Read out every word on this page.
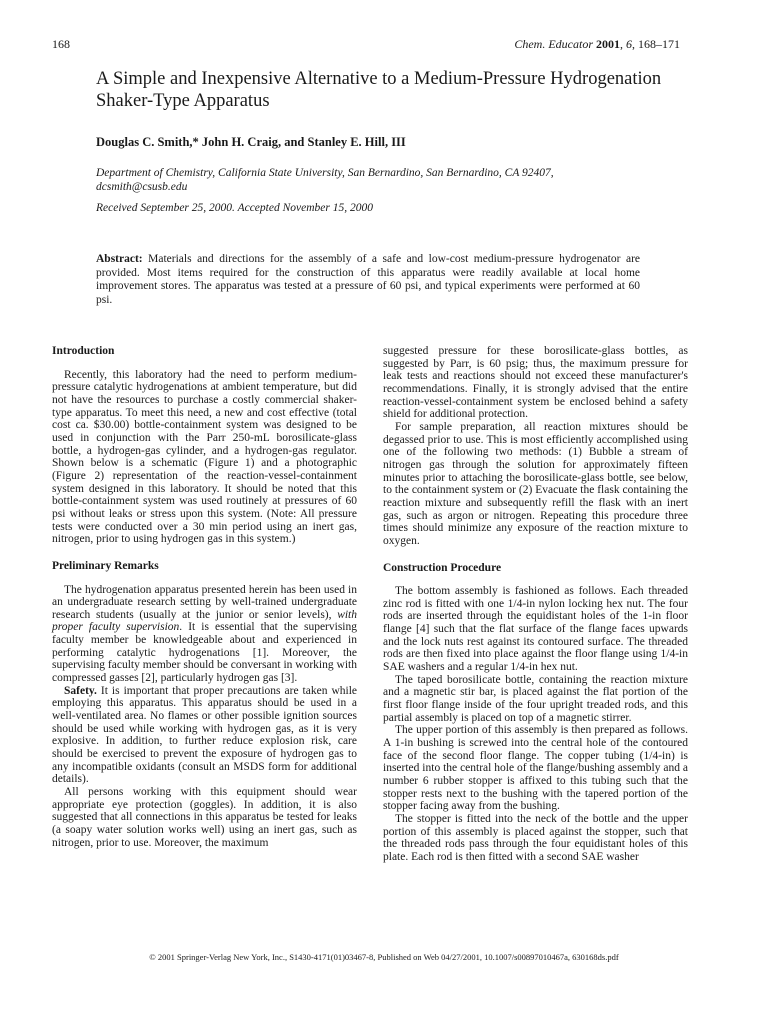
168	Chem. Educator 2001, 6, 168–171
A Simple and Inexpensive Alternative to a Medium-Pressure Hydrogenation Shaker-Type Apparatus
Douglas C. Smith,* John H. Craig, and Stanley E. Hill, III
Department of Chemistry, California State University, San Bernardino, San Bernardino, CA 92407,
dcsmith@csusb.edu
Received September 25, 2000. Accepted November 15, 2000
Abstract: Materials and directions for the assembly of a safe and low-cost medium-pressure hydrogenator are provided. Most items required for the construction of this apparatus were readily available at local home improvement stores. The apparatus was tested at a pressure of 60 psi, and typical experiments were performed at 60 psi.
Introduction

Recently, this laboratory had the need to perform medium-pressure catalytic hydrogenations at ambient temperature, but did not have the resources to purchase a costly commercial shaker-type apparatus. To meet this need, a new and cost effective (total cost ca. $30.00) bottle-containment system was designed to be used in conjunction with the Parr 250-mL borosilicate-glass bottle, a hydrogen-gas cylinder, and a hydrogen-gas regulator. Shown below is a schematic (Figure 1) and a photographic (Figure 2) representation of the reaction-vessel-containment system designed in this laboratory. It should be noted that this bottle-containment system was used routinely at pressures of 60 psi without leaks or stress upon this system. (Note: All pressure tests were conducted over a 30 min period using an inert gas, nitrogen, prior to using hydrogen gas in this system.)

Preliminary Remarks

The hydrogenation apparatus presented herein has been used in an undergraduate research setting by well-trained undergraduate research students (usually at the junior or senior levels), with proper faculty supervision. It is essential that the supervising faculty member be knowledgeable about and experienced in performing catalytic hydrogenations [1]. Moreover, the supervising faculty member should be conversant in working with compressed gasses [2], particularly hydrogen gas [3].

Safety. It is important that proper precautions are taken while employing this apparatus. This apparatus should be used in a well-ventilated area. No flames or other possible ignition sources should be used while working with hydrogen gas, as it is very explosive. In addition, to further reduce explosion risk, care should be exercised to prevent the exposure of hydrogen gas to any incompatible oxidants (consult an MSDS form for additional details).

All persons working with this equipment should wear appropriate eye protection (goggles). In addition, it is also suggested that all connections in this apparatus be tested for leaks (a soapy water solution works well) using an inert gas, such as nitrogen, prior to use. Moreover, the maximum

suggested pressure for these borosilicate-glass bottles, as suggested by Parr, is 60 psig; thus, the maximum pressure for leak tests and reactions should not exceed these manufacturer's recommendations. Finally, it is strongly advised that the entire reaction-vessel-containment system be enclosed behind a safety shield for additional protection.

For sample preparation, all reaction mixtures should be degassed prior to use. This is most efficiently accomplished using one of the following two methods: (1) Bubble a stream of nitrogen gas through the solution for approximately fifteen minutes prior to attaching the borosilicate-glass bottle, see below, to the containment system or (2) Evacuate the flask containing the reaction mixture and subsequently refill the flask with an inert gas, such as argon or nitrogen. Repeating this procedure three times should minimize any exposure of the reaction mixture to oxygen.

Construction Procedure

The bottom assembly is fashioned as follows. Each threaded zinc rod is fitted with one 1/4-in nylon locking hex nut. The four rods are inserted through the equidistant holes of the 1-in floor flange [4] such that the flat surface of the flange faces upwards and the lock nuts rest against its contoured surface. The threaded rods are then fixed into place against the floor flange using 1/4-in SAE washers and a regular 1/4-in hex nut.

The taped borosilicate bottle, containing the reaction mixture and a magnetic stir bar, is placed against the flat portion of the first floor flange inside of the four upright treaded rods, and this partial assembly is placed on top of a magnetic stirrer.

The upper portion of this assembly is then prepared as follows. A 1-in bushing is screwed into the central hole of the contoured face of the second floor flange. The copper tubing (1/4-in) is inserted into the central hole of the flange/bushing assembly and a number 6 rubber stopper is affixed to this tubing such that the stopper rests next to the bushing with the tapered portion of the stopper facing away from the bushing.

The stopper is fitted into the neck of the bottle and the upper portion of this assembly is placed against the stopper, such that the threaded rods pass through the four equidistant holes of this plate. Each rod is then fitted with a second SAE washer

© 2001 Springer-Verlag New York, Inc., S1430-4171(01)03467-8, Published on Web 04/27/2001, 10.1007/s00897010467a, 630168ds.pdf
